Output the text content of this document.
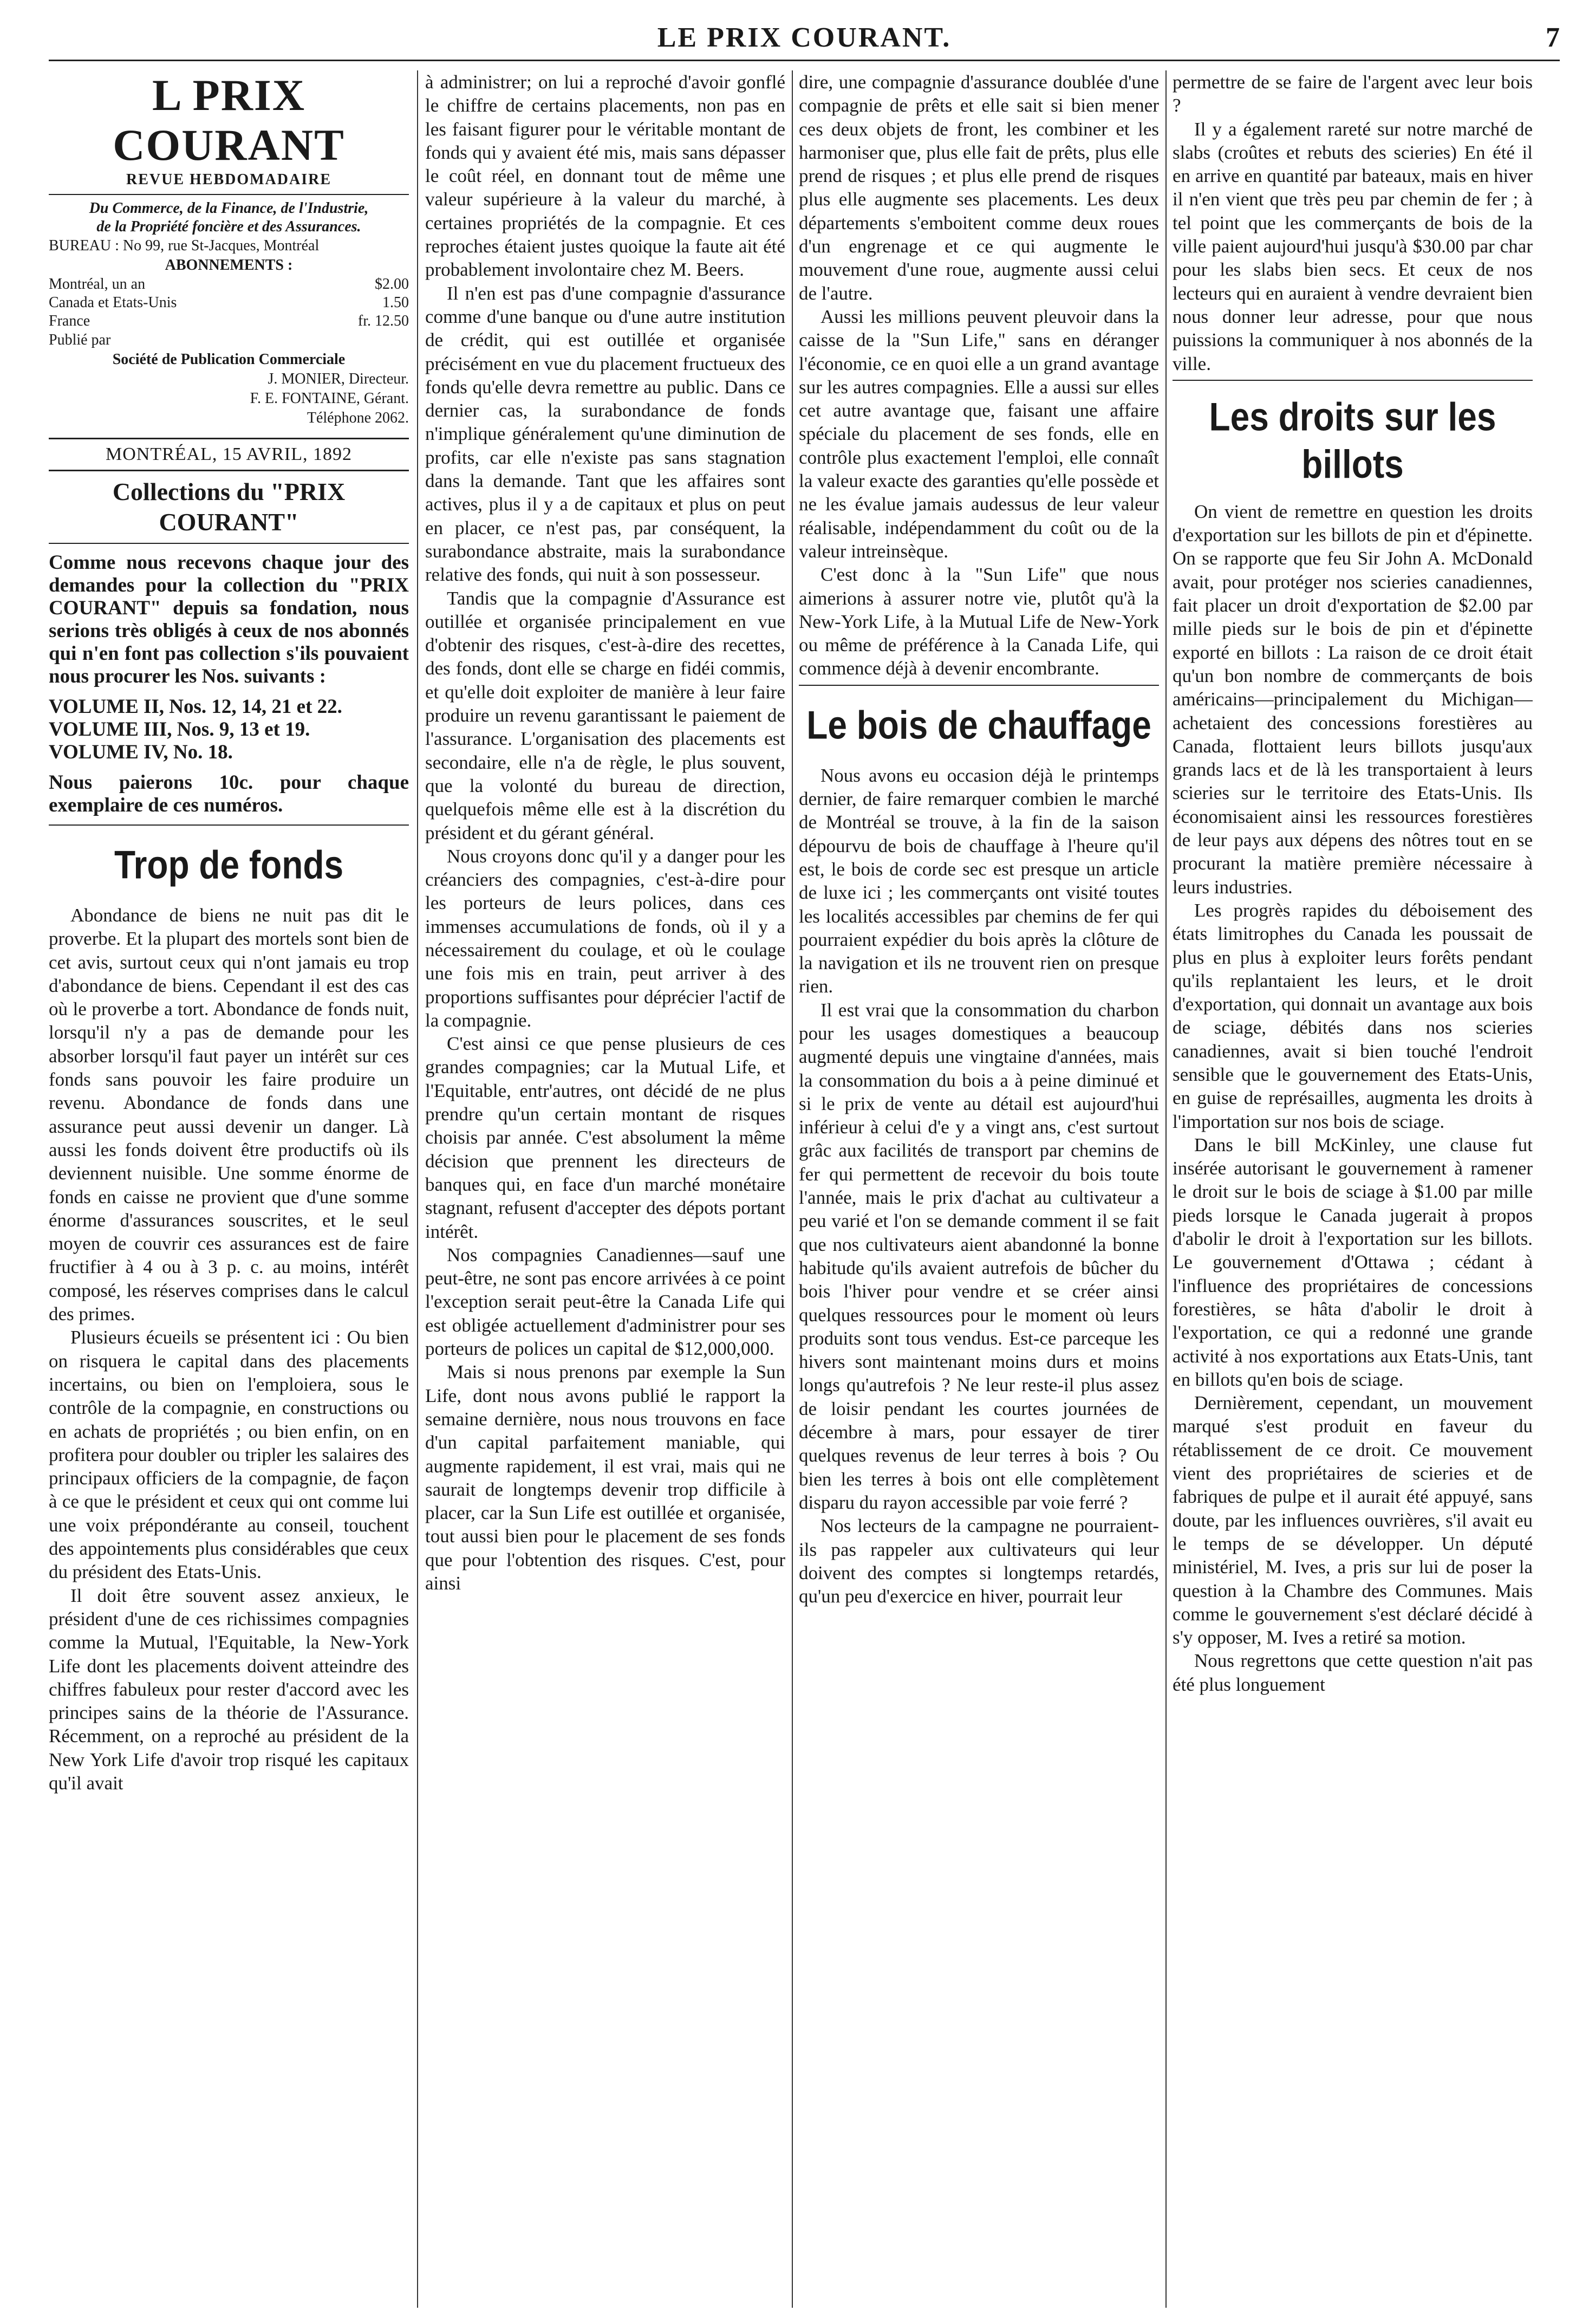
LE PRIX COURANT.	7
L PRIX COURANT
REVUE HEBDOMADAIRE
Du Commerce, de la Finance, de l'Industrie,
de la Propriété foncière et des Assurances.
BUREAU : No 99, rue St-Jacques, Montréal
ABONNEMENTS :
Montréal, un an	$2.00
Canada et Etats-Unis	1.50
France	fr. 12.50
Publié par
Société de Publication Commerciale
J. MONIER, Directeur.
F. E. FONTAINE, Gérant.
Téléphone 2062.
MONTRÉAL, 15 AVRIL, 1892
Collections du "PRIX COURANT"
Comme nous recevons chaque jour des demandes pour la collection du "PRIX COURANT" depuis sa fondation, nous serions très obligés à ceux de nos abonnés qui n'en font pas collection s'ils pouvaient nous procurer les Nos. suivants :
VOLUME II, Nos. 12, 14, 21 et 22.
VOLUME III, Nos. 9, 13 et 19.
VOLUME IV, No. 18.
Nous paierons 10c. pour chaque exemplaire de ces numéros.
Trop de fonds

Abondance de biens ne nuit pas dit le proverbe. Et la plupart des mortels sont bien de cet avis, surtout ceux qui n'ont jamais eu trop d'abondance de biens. Cependant il est des cas où le proverbe a tort. Abondance de fonds nuit, lorsqu'il n'y a pas de demande pour les absorber lorsqu'il faut payer un intérêt sur ces fonds sans pouvoir les faire produire un revenu. Abondance de fonds dans une assurance peut aussi devenir un danger. Là aussi les fonds doivent être productifs où ils deviennent nuisible. Une somme énorme de fonds en caisse ne provient que d'une somme énorme d'assurances souscrites, et le seul moyen de couvrir ces assurances est de faire fructifier à 4 ou à 3 p. c. au moins, intérêt composé, les réserves comprises dans le calcul des primes.

Plusieurs écueils se présentent ici : Ou bien on risquera le capital dans des placements incertains, ou bien on l'emploiera, sous le contrôle de la compagnie, en constructions ou en achats de propriétés ; ou bien enfin, on en profitera pour doubler ou tripler les salaires des principaux officiers de la compagnie, de façon à ce que le président et ceux qui ont comme lui une voix prépondérante au conseil, touchent des appointements plus considérables que ceux du président des Etats-Unis.

Il doit être souvent assez anxieux, le président d'une de ces richissimes compagnies comme la Mutual, l'Equitable, la New-York Life dont les placements doivent atteindre des chiffres fabuleux pour rester d'accord avec les principes sains de la théorie de l'Assurance. Récemment, on a reproché au président de la New York Life d'avoir trop risqué les capitaux qu'il avait

à administrer; on lui a reproché d'avoir gonflé le chiffre de certains placements, non pas en les faisant figurer pour le véritable montant de fonds qui y avaient été mis, mais sans dépasser le coût réel, en donnant tout de même une valeur supérieure à la valeur du marché, à certaines propriétés de la compagnie. Et ces reproches étaient justes quoique la faute ait été probablement involontaire chez M. Beers.

Il n'en est pas d'une compagnie d'assurance comme d'une banque ou d'une autre institution de crédit, qui est outillée et organisée précisément en vue du placement fructueux des fonds qu'elle devra remettre au public. Dans ce dernier cas, la surabondance de fonds n'implique généralement qu'une diminution de profits, car elle n'existe pas sans stagnation dans la demande. Tant que les affaires sont actives, plus il y a de capitaux et plus on peut en placer, ce n'est pas, par conséquent, la surabondance abstraite, mais la surabondance relative des fonds, qui nuit à son possesseur.

Tandis que la compagnie d'Assurance est outillée et organisée principalement en vue d'obtenir des risques, c'est-à-dire des recettes, des fonds, dont elle se charge en fidéi commis, et qu'elle doit exploiter de manière à leur faire produire un revenu garantissant le paiement de l'assurance. L'organisation des placements est secondaire, elle n'a de règle, le plus souvent, que la volonté du bureau de direction, quelquefois même elle est à la discrétion du président et du gérant général.

Nous croyons donc qu'il y a danger pour les créanciers des compagnies, c'est-à-dire pour les porteurs de leurs polices, dans ces immenses accumulations de fonds, où il y a nécessairement du coulage, et où le coulage une fois mis en train, peut arriver à des proportions suffisantes pour déprécier l'actif de la compagnie.

C'est ainsi ce que pense plusieurs de ces grandes compagnies; car la Mutual Life, et l'Equitable, entr'autres, ont décidé de ne plus prendre qu'un certain montant de risques choisis par année. C'est absolument la même décision que prennent les directeurs de banques qui, en face d'un marché monétaire stagnant, refusent d'accepter des dépots portant intérêt.

Nos compagnies Canadiennes—sauf une peut-être, ne sont pas encore arrivées à ce point l'exception serait peut-être la Canada Life qui est obligée actuellement d'administrer pour ses porteurs de polices un capital de $12,000,000.

Mais si nous prenons par exemple la Sun Life, dont nous avons publié le rapport la semaine dernière, nous nous trouvons en face d'un capital parfaitement maniable, qui augmente rapidement, il est vrai, mais qui ne saurait de longtemps devenir trop difficile à placer, car la Sun Life est outillée et organisée, tout aussi bien pour le placement de ses fonds que pour l'obtention des risques. C'est, pour ainsi

dire, une compagnie d'assurance doublée d'une compagnie de prêts et elle sait si bien mener ces deux objets de front, les combiner et les harmoniser que, plus elle fait de prêts, plus elle prend de risques ; et plus elle prend de risques plus elle augmente ses placements. Les deux départements s'emboitent comme deux roues d'un engrenage et ce qui augmente le mouvement d'une roue, augmente aussi celui de l'autre.

Aussi les millions peuvent pleuvoir dans la caisse de la "Sun Life," sans en déranger l'économie, ce en quoi elle a un grand avantage sur les autres compagnies. Elle a aussi sur elles cet autre avantage que, faisant une affaire spéciale du placement de ses fonds, elle en contrôle plus exactement l'emploi, elle connaît la valeur exacte des garanties qu'elle possède et ne les évalue jamais audessus de leur valeur réalisable, indépendamment du coût ou de la valeur intreinsèque.

C'est donc à la "Sun Life" que nous aimerions à assurer notre vie, plutôt qu'à la New-York Life, à la Mutual Life de New-York ou même de préférence à la Canada Life, qui commence déjà à devenir encombrante.

Le bois de chauffage

Nous avons eu occasion déjà le printemps dernier, de faire remarquer combien le marché de Montréal se trouve, à la fin de la saison dépourvu de bois de chauffage à l'heure qu'il est, le bois de corde sec est presque un article de luxe ici ; les commerçants ont visité toutes les localités accessibles par chemins de fer qui pourraient expédier du bois après la clôture de la navigation et ils ne trouvent rien on presque rien.

Il est vrai que la consommation du charbon pour les usages domestiques a beaucoup augmenté depuis une vingtaine d'années, mais la consommation du bois a à peine diminué et si le prix de vente au détail est aujourd'hui inférieur à celui d'e y a vingt ans, c'est surtout grâc aux facilités de transport par chemins de fer qui permettent de recevoir du bois toute l'année, mais le prix d'achat au cultivateur a peu varié et l'on se demande comment il se fait que nos cultivateurs aient abandonné la bonne habitude qu'ils avaient autrefois de bûcher du bois l'hiver pour vendre et se créer ainsi quelques ressources pour le moment où leurs produits sont tous vendus. Est-ce parceque les hivers sont maintenant moins durs et moins longs qu'autrefois ? Ne leur reste-il plus assez de loisir pendant les courtes journées de décembre à mars, pour essayer de tirer quelques revenus de leur terres à bois ? Ou bien les terres à bois ont elle complètement disparu du rayon accessible par voie ferré ?

Nos lecteurs de la campagne ne pourraient-ils pas rappeler aux cultivateurs qui leur doivent des comptes si longtemps retardés, qu'un peu d'exercice en hiver, pourrait leur

permettre de se faire de l'argent avec leur bois ?

Il y a également rareté sur notre marché de slabs (croûtes et rebuts des scieries) En été il en arrive en quantité par bateaux, mais en hiver il n'en vient que très peu par chemin de fer ; à tel point que les commerçants de bois de la ville paient aujourd'hui jusqu'à $30.00 par char pour les slabs bien secs. Et ceux de nos lecteurs qui en auraient à vendre devraient bien nous donner leur adresse, pour que nous puissions la communiquer à nos abonnés de la ville.

Les droits sur les billots

On vient de remettre en question les droits d'exportation sur les billots de pin et d'épinette. On se rapporte que feu Sir John A. McDonald avait, pour protéger nos scieries canadiennes, fait placer un droit d'exportation de $2.00 par mille pieds sur le bois de pin et d'épinette exporté en billots : La raison de ce droit était qu'un bon nombre de commerçants de bois américains—principalement du Michigan—achetaient des concessions forestières au Canada, flottaient leurs billots jusqu'aux grands lacs et de là les transportaient à leurs scieries sur le territoire des Etats-Unis. Ils économisaient ainsi les ressources forestières de leur pays aux dépens des nôtres tout en se procurant la matière première nécessaire à leurs industries.

Les progrès rapides du déboisement des états limitrophes du Canada les poussait de plus en plus à exploiter leurs forêts pendant qu'ils replantaient les leurs, et le droit d'exportation, qui donnait un avantage aux bois de sciage, débités dans nos scieries canadiennes, avait si bien touché l'endroit sensible que le gouvernement des Etats-Unis, en guise de représailles, augmenta les droits à l'importation sur nos bois de sciage.

Dans le bill McKinley, une clause fut insérée autorisant le gouvernement à ramener le droit sur le bois de sciage à $1.00 par mille pieds lorsque le Canada jugerait à propos d'abolir le droit à l'exportation sur les billots. Le gouvernement d'Ottawa ; cédant à l'influence des propriétaires de concessions forestières, se hâta d'abolir le droit à l'exportation, ce qui a redonné une grande activité à nos exportations aux Etats-Unis, tant en billots qu'en bois de sciage.

Dernièrement, cependant, un mouvement marqué s'est produit en faveur du rétablissement de ce droit. Ce mouvement vient des propriétaires de scieries et de fabriques de pulpe et il aurait été appuyé, sans doute, par les influences ouvrières, s'il avait eu le temps de se développer. Un député ministériel, M. Ives, a pris sur lui de poser la question à la Chambre des Communes. Mais comme le gouvernement s'est déclaré décidé à s'y opposer, M. Ives a retiré sa motion.

Nous regrettons que cette question n'ait pas été plus longuement
